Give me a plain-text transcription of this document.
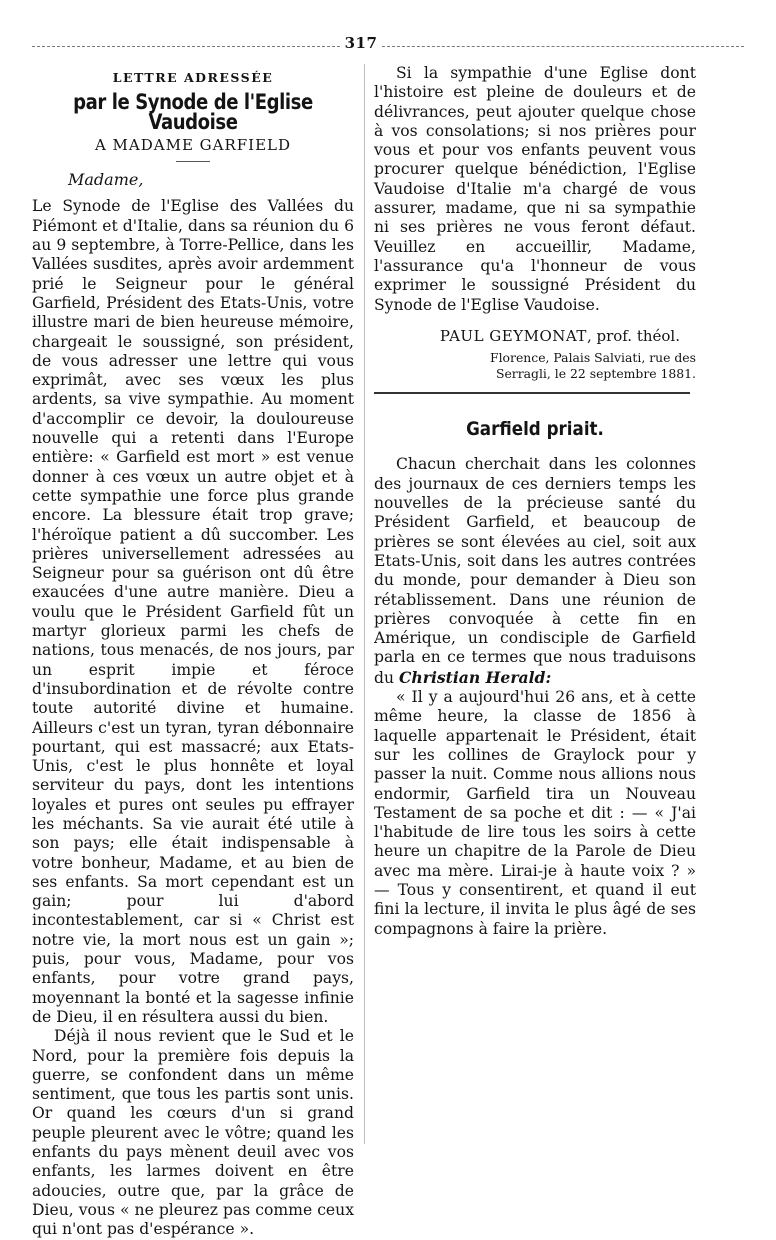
317
LETTRE ADRESSÉE
par le Synode de l'Eglise Vaudoise
A MADAME GARFIELD
Madame,

Le Synode de l'Eglise des Vallées du Piémont et d'Italie, dans sa réunion du 6 au 9 septembre, à Torre-Pellice, dans les Vallées susdites, après avoir ardemment prié le Seigneur pour le général Garfield, Président des Etats-Unis, votre illustre mari de bien heureuse mémoire, chargeait le soussigné, son président, de vous adresser une lettre qui vous exprimât, avec ses vœux les plus ardents, sa vive sympathie. Au moment d'accomplir ce devoir, la douloureuse nouvelle qui a retenti dans l'Europe entière: « Garfield est mort » est venue donner à ces vœux un autre objet et à cette sympathie une force plus grande encore. La blessure était trop grave; l'héroïque patient a dû succomber. Les prières universellement adressées au Seigneur pour sa guérison ont dû être exaucées d'une autre manière. Dieu a voulu que le Président Garfield fût un martyr glorieux parmi les chefs de nations, tous menacés, de nos jours, par un esprit impie et féroce d'insubordination et de révolte contre toute autorité divine et humaine. Ailleurs c'est un tyran, tyran débonnaire pourtant, qui est massacré; aux Etats-Unis, c'est le plus honnête et loyal serviteur du pays, dont les intentions loyales et pures ont seules pu effrayer les méchants. Sa vie aurait été utile à son pays; elle était indispensable à votre bonheur, Madame, et au bien de ses enfants. Sa mort cependant est un gain; pour lui d'abord incontestablement, car si « Christ est notre vie, la mort nous est un gain »; puis, pour vous, Madame, pour vos enfants, pour votre grand pays, moyennant la bonté et la sagesse infinie de Dieu, il en résultera aussi du bien.

Déjà il nous revient que le Sud et le Nord, pour la première fois depuis la guerre, se confondent dans un même sentiment, que tous les partis sont unis. Or quand les cœurs d'un si grand peuple pleurent avec le vôtre; quand les enfants du pays mènent deuil avec vos enfants, les larmes doivent en être adoucies, outre que, par la grâce de Dieu, vous « ne pleurez pas comme ceux qui n'ont pas d'espérance ».

Si la sympathie d'une Eglise dont l'histoire est pleine de douleurs et de délivrances, peut ajouter quelque chose à vos consolations; si nos prières pour vous et pour vos enfants peuvent vous procurer quelque bénédiction, l'Eglise Vaudoise d'Italie m'a chargé de vous assurer, madame, que ni sa sympathie ni ses prières ne vous feront défaut. Veuillez en accueillir, Madame, l'assurance qu'a l'honneur de vous exprimer le soussigné Président du Synode de l'Eglise Vaudoise.

PAUL GEYMONAT, prof. théol.
Florence, Palais Salviati, rue des
Serragli, le 22 septembre 1881.
Garfield priait.

Chacun cherchait dans les colonnes des journaux de ces derniers temps les nouvelles de la précieuse santé du Président Garfield, et beaucoup de prières se sont élevées au ciel, soit aux Etats-Unis, soit dans les autres contrées du monde, pour demander à Dieu son rétablissement. Dans une réunion de prières convoquée à cette fin en Amérique, un condisciple de Garfield parla en ce termes que nous traduisons du Christian Herald:

« Il y a aujourd'hui 26 ans, et à cette même heure, la classe de 1856 à laquelle appartenait le Président, était sur les collines de Graylock pour y passer la nuit. Comme nous allions nous endormir, Garfield tira un Nouveau Testament de sa poche et dit : — « J'ai l'habitude de lire tous les soirs à cette heure un chapitre de la Parole de Dieu avec ma mère. Lirai-je à haute voix ? » — Tous y consentirent, et quand il eut fini la lecture, il invita le plus âgé de ses compagnons à faire la prière.
